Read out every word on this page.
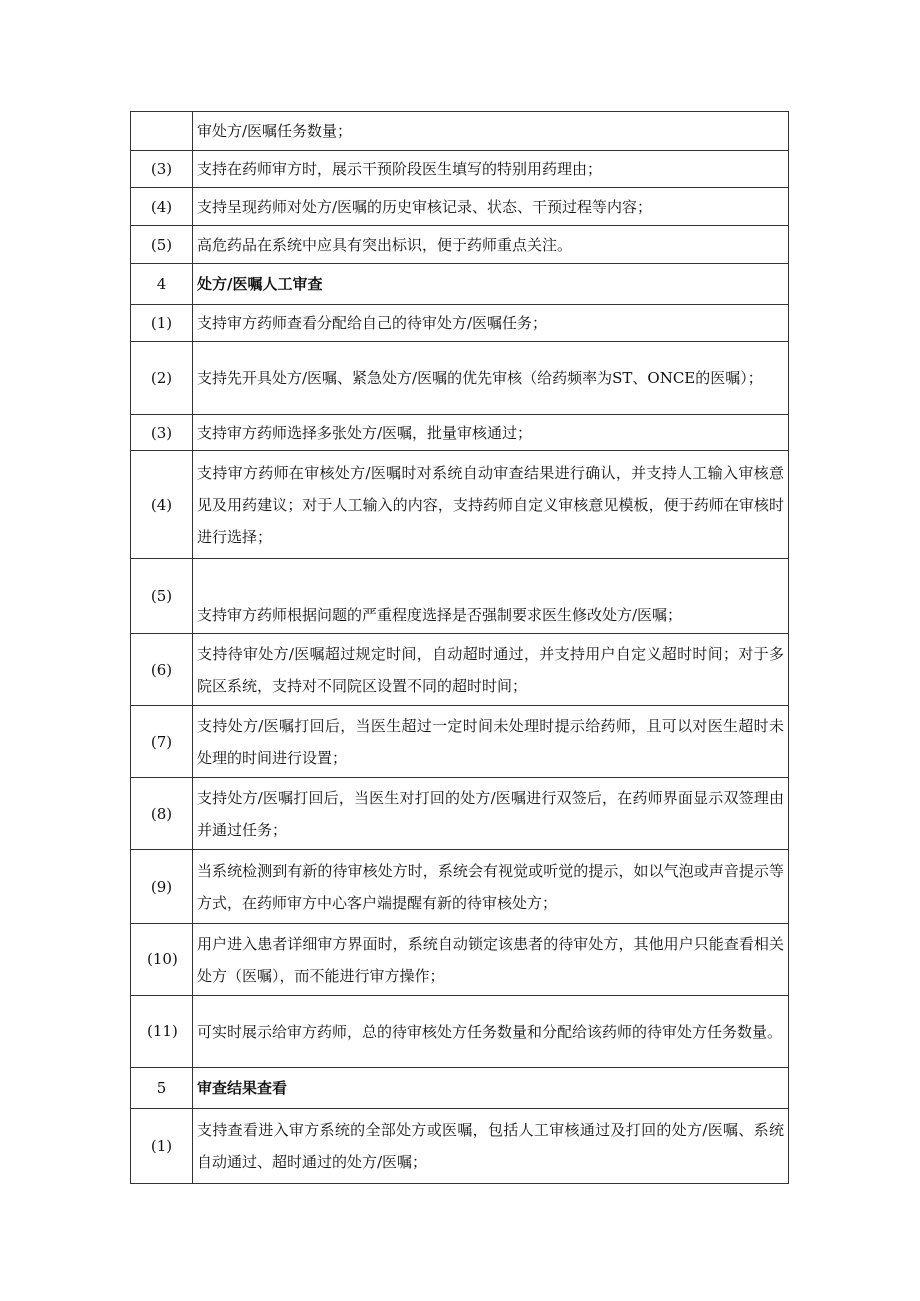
	审处方/医嘱任务数量；
(3)	支持在药师审方时，展示干预阶段医生填写的特别用药理由；
(4)	支持呈现药师对处方/医嘱的历史审核记录、状态、干预过程等内容；
(5)	高危药品在系统中应具有突出标识，便于药师重点关注。
4	处方/医嘱人工审查
(1)	支持审方药师查看分配给自己的待审处方/医嘱任务；
(2)	支持先开具处方/医嘱、紧急处方/医嘱的优先审核（给药频率为ST、ONCE的医嘱）；
(3)	支持审方药师选择多张处方/医嘱，批量审核通过；
(4)	支持审方药师在审核处方/医嘱时对系统自动审查结果进行确认，并支持人工输入审核意见及用药建议；对于人工输入的内容，支持药师自定义审核意见模板，便于药师在审核时进行选择；
(5)	支持审方药师根据问题的严重程度选择是否强制要求医生修改处方/医嘱；
(6)	支持待审处方/医嘱超过规定时间，自动超时通过，并支持用户自定义超时时间；对于多院区系统，支持对不同院区设置不同的超时时间；
(7)	支持处方/医嘱打回后，当医生超过一定时间未处理时提示给药师，且可以对医生超时未处理的时间进行设置；
(8)	支持处方/医嘱打回后，当医生对打回的处方/医嘱进行双签后，在药师界面显示双签理由并通过任务；
(9)	当系统检测到有新的待审核处方时，系统会有视觉或听觉的提示，如以气泡或声音提示等方式，在药师审方中心客户端提醒有新的待审核处方；
(10)	用户进入患者详细审方界面时，系统自动锁定该患者的待审处方，其他用户只能查看相关处方（医嘱），而不能进行审方操作；
(11)	可实时展示给审方药师，总的待审核处方任务数量和分配给该药师的待审处方任务数量。
5	审查结果查看
(1)	支持查看进入审方系统的全部处方或医嘱，包括人工审核通过及打回的处方/医嘱、系统自动通过、超时通过的处方/医嘱；
